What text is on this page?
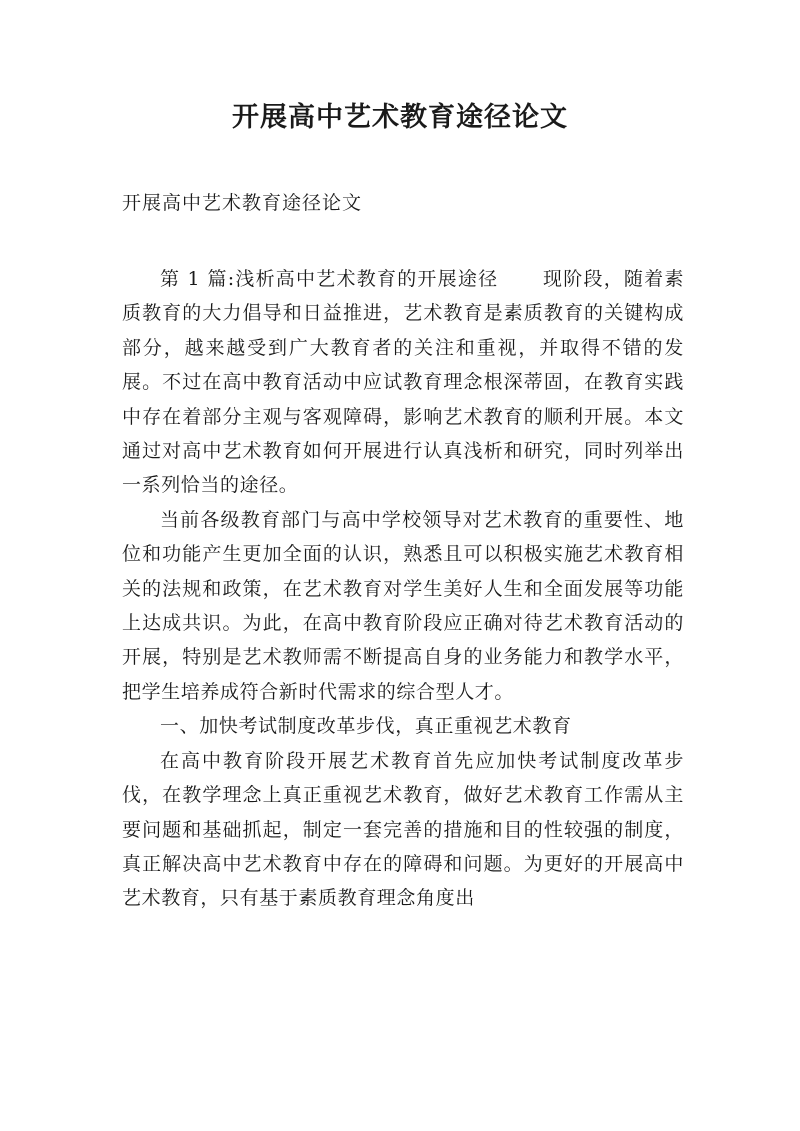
开展高中艺术教育途径论文

开展高中艺术教育途径论文

第 1 篇:浅析高中艺术教育的开展途径 现阶段，随着素质教育的大力倡导和日益推进，艺术教育是素质教育的关键构成部分，越来越受到广大教育者的关注和重视，并取得不错的发展。不过在高中教育活动中应试教育理念根深蒂固，在教育实践中存在着部分主观与客观障碍，影响艺术教育的顺利开展。本文通过对高中艺术教育如何开展进行认真浅析和研究，同时列举出一系列恰当的途径。

当前各级教育部门与高中学校领导对艺术教育的重要性、地位和功能产生更加全面的认识，熟悉且可以积极实施艺术教育相关的法规和政策，在艺术教育对学生美好人生和全面发展等功能上达成共识。为此，在高中教育阶段应正确对待艺术教育活动的开展，特别是艺术教师需不断提高自身的业务能力和教学水平，把学生培养成符合新时代需求的综合型人才。

一、加快考试制度改革步伐，真正重视艺术教育

在高中教育阶段开展艺术教育首先应加快考试制度改革步伐，在教学理念上真正重视艺术教育，做好艺术教育工作需从主要问题和基础抓起，制定一套完善的措施和目的性较强的制度，真正解决高中艺术教育中存在的障碍和问题。为更好的开展高中艺术教育，只有基于素质教育理念角度出
